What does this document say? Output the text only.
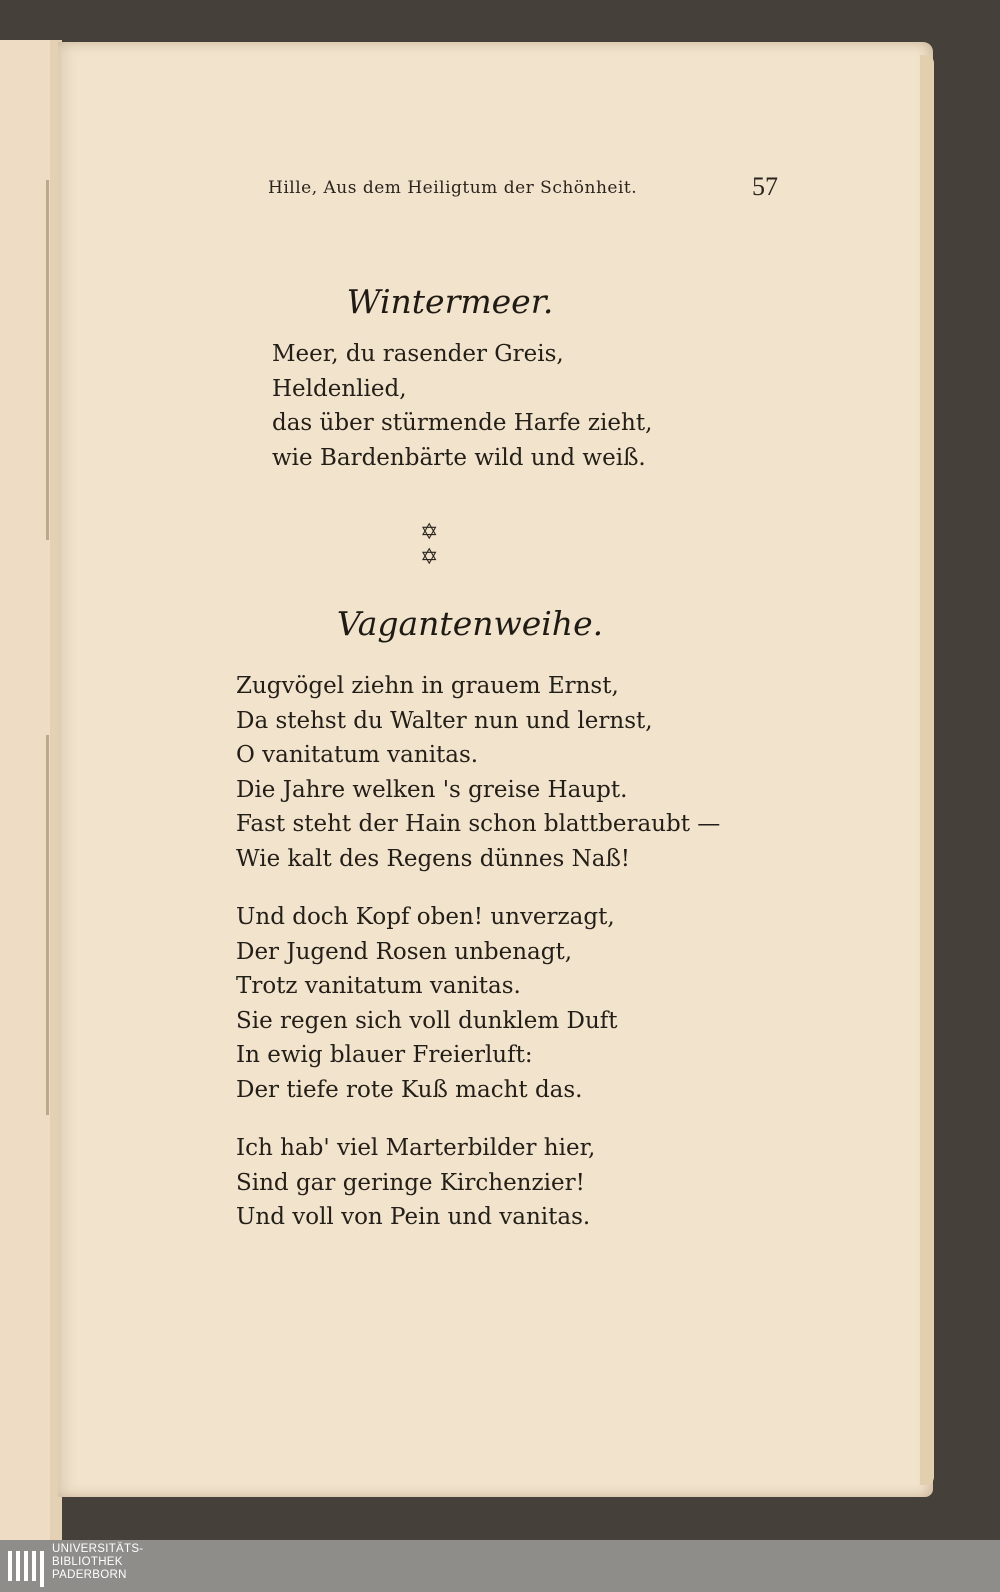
Hille, Aus dem Heiligtum der Schönheit.	57
Wintermeer.
Meer, du rasender Greis,
Heldenlied,
das über stürmende Harfe zieht,
wie Bardenbärte wild und weiß.
✡ ✡
Vagantenweihe.
Zugvögel ziehn in grauem Ernst,
Da stehst du Walter nun und lernst,
O vanitatum vanitas.
Die Jahre welken 's greise Haupt.
Fast steht der Hain schon blattberaubt —
Wie kalt des Regens dünnes Naß!
Und doch Kopf oben! unverzagt,
Der Jugend Rosen unbenagt,
Trotz vanitatum vanitas.
Sie regen sich voll dunklem Duft
In ewig blauer Freierluft:
Der tiefe rote Kuß macht das.
Ich hab' viel Marterbilder hier,
Sind gar geringe Kirchenzier!
Und voll von Pein und vanitas.
UNIVERSITÄTS-
BIBLIOTHEK
PADERBORN
